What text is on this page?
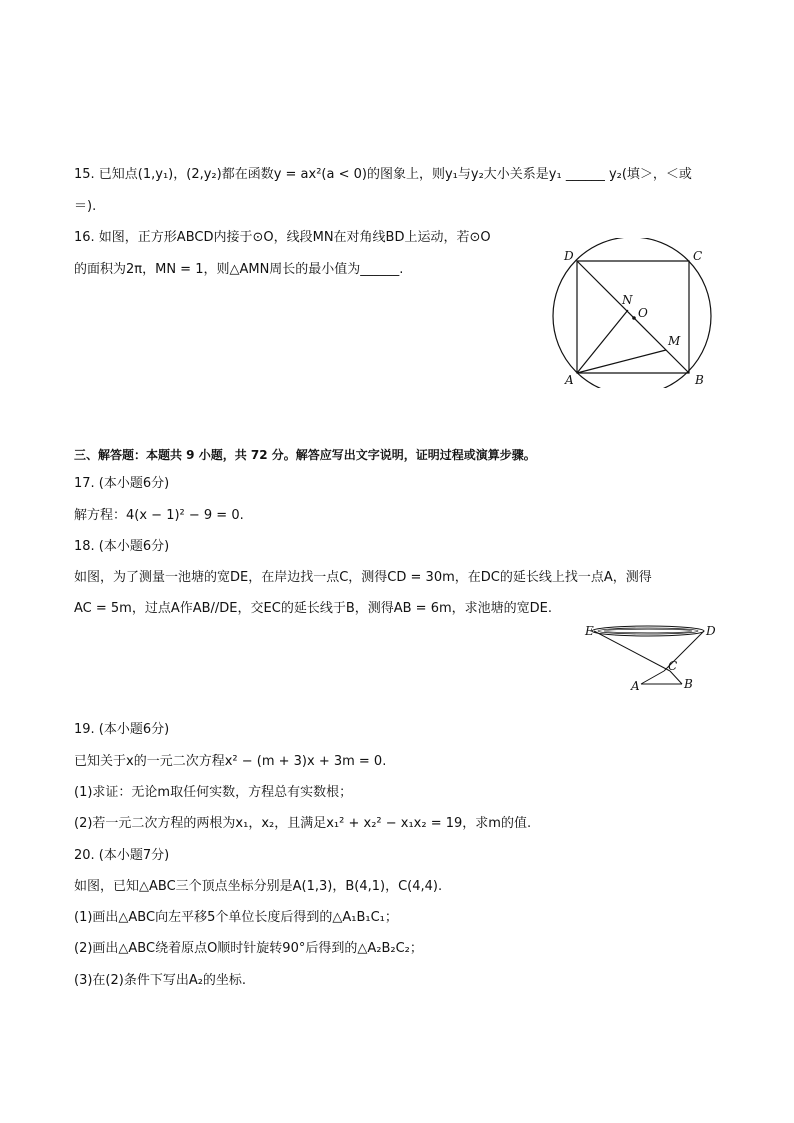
15. 已知点(1,y₁)，(2,y₂)都在函数y = ax²(a < 0)的图象上，则y₁与y₂大小关系是y₁ ______ y₂(填＞，＜或
＝).
16. 如图，正方形ABCD内接于⊙O，线段MN在对角线BD上运动，若⊙O
的面积为2π，MN = 1，则△AMN周长的最小值为______.
D	C
N
O
M
A	B
三、解答题：本题共 9 小题，共 72 分。解答应写出文字说明，证明过程或演算步骤。
17. (本小题6分)
解方程：4(x − 1)² − 9 = 0.
18. (本小题6分)
如图，为了测量一池塘的宽DE，在岸边找一点C，测得CD = 30m，在DC的延长线上找一点A，测得
AC = 5m，过点A作AB//DE，交EC的延长线于B，测得AB = 6m，求池塘的宽DE.
E	D
C
A	B
19. (本小题6分)
已知关于x的一元二次方程x² − (m + 3)x + 3m = 0.
(1)求证：无论m取任何实数，方程总有实数根；
(2)若一元二次方程的两根为x₁，x₂，且满足x₁² + x₂² − x₁x₂ = 19，求m的值.
20. (本小题7分)
如图，已知△ABC三个顶点坐标分别是A(1,3)，B(4,1)，C(4,4).
(1)画出△ABC向左平移5个单位长度后得到的△A₁B₁C₁；
(2)画出△ABC绕着原点O顺时针旋转90°后得到的△A₂B₂C₂；
(3)在(2)条件下写出A₂的坐标.
